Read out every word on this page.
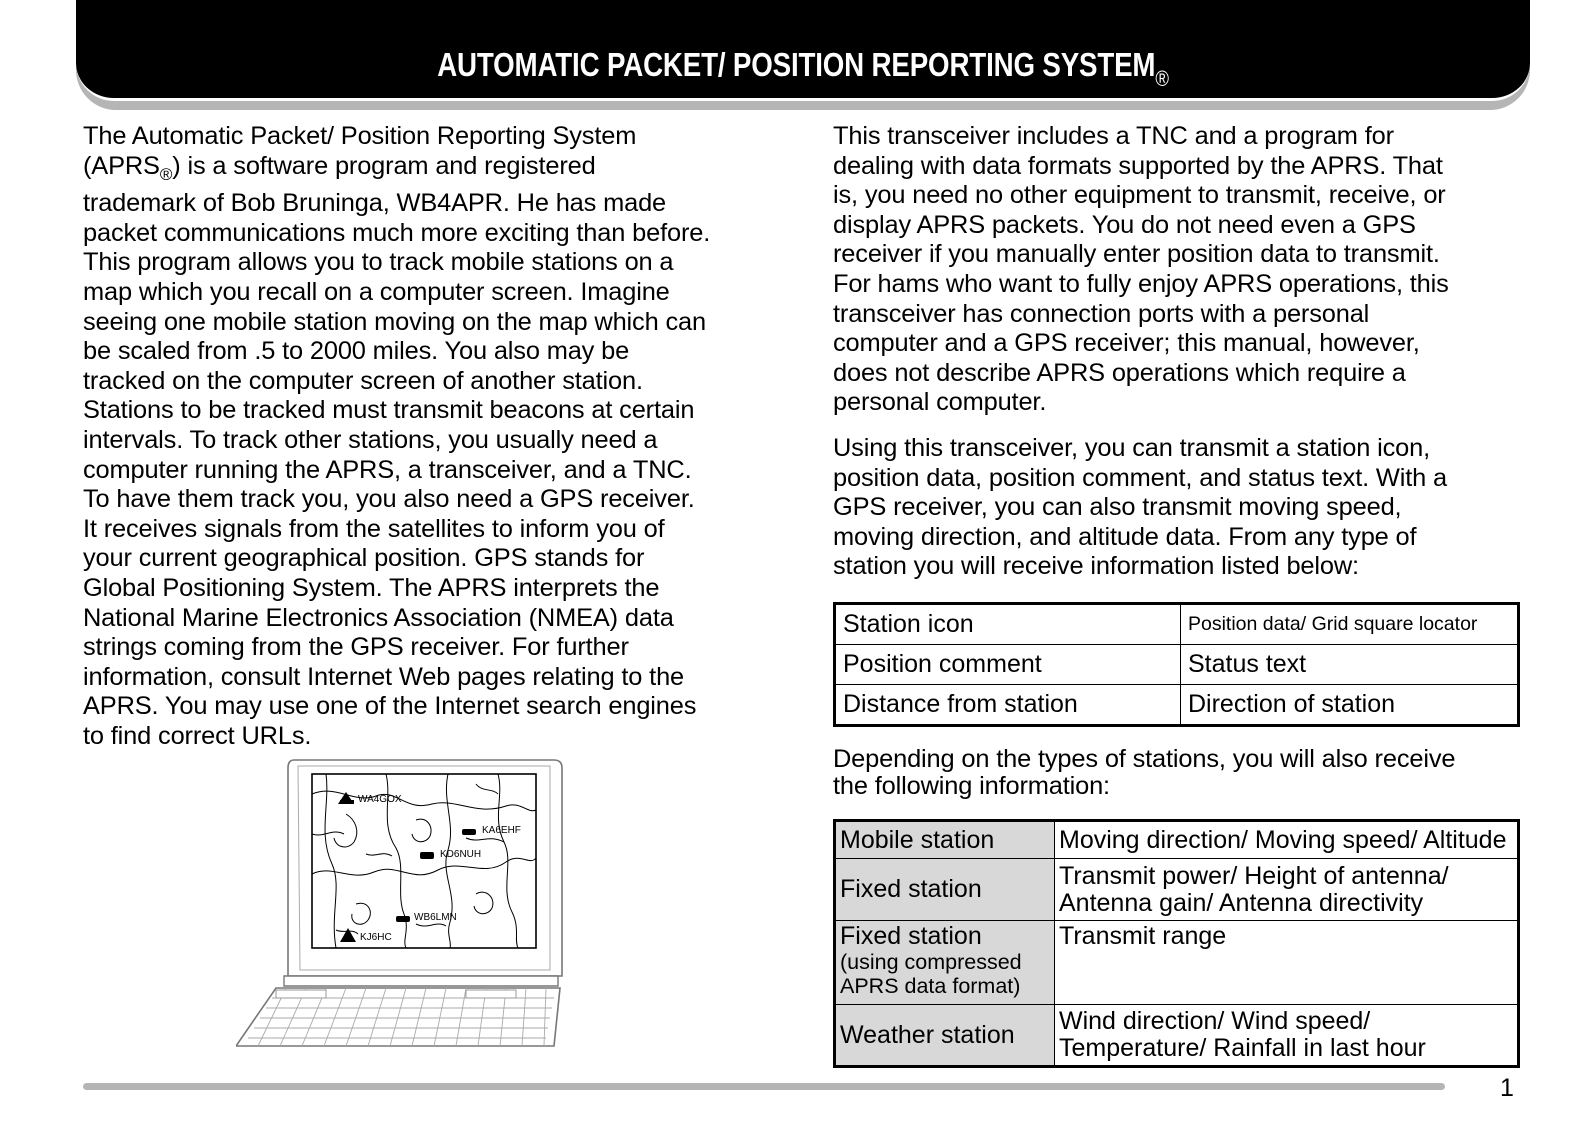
AUTOMATIC PACKET/ POSITION REPORTING $SYSTEM_®$
The Automatic Packet/ Position Reporting System
$(APRS_®)$ is a software program and registered
trademark of Bob Bruninga, WB4APR. He has made
packet communications much more exciting than before.
This program allows you to track mobile stations on a
map which you recall on a computer screen. Imagine
seeing one mobile station moving on the map which can
be scaled from .5 to 2000 miles. You also may be
tracked on the computer screen of another station.
Stations to be tracked must transmit beacons at certain
intervals. To track other stations, you usually need a
computer running the APRS, a transceiver, and a TNC.
To have them track you, you also need a GPS receiver.
It receives signals from the satellites to inform you of
your current geographical position. GPS stands for
Global Positioning System. The APRS interprets the
National Marine Electronics Association (NMEA) data
strings coming from the GPS receiver. For further
information, consult Internet Web pages relating to the
APRS. You may use one of the Internet search engines
to find correct URLs.
WA4GOX
KA6EHF
KD6NUH
WB6LMN
KJ6HC
This transceiver includes a TNC and a program for
dealing with data formats supported by the APRS. That
is, you need no other equipment to transmit, receive, or
display APRS packets. You do not need even a GPS
receiver if you manually enter position data to transmit.
For hams who want to fully enjoy APRS operations, this
transceiver has connection ports with a personal
computer and a GPS receiver; this manual, however,
does not describe APRS operations which require a
personal computer.
Using this transceiver, you can transmit a station icon,
position data, position comment, and status text. With a
GPS receiver, you can also transmit moving speed,
moving direction, and altitude data. From any type of
station you will receive information listed below:
Station icon	Position data/ Grid square locator
Position comment	Status text
Distance from station	Direction of station
Depending on the types of stations, you will also receive
the following information:
Mobile station	Moving direction/ Moving speed/ Altitude
Fixed station	Transmit power/ Height of antenna/
Antenna gain/ Antenna directivity

Fixed station
(using compressed
APRS data format)	Transmit range
Weather station	Wind direction/ Wind speed/
Temperature/ Rainfall in last hour
1
